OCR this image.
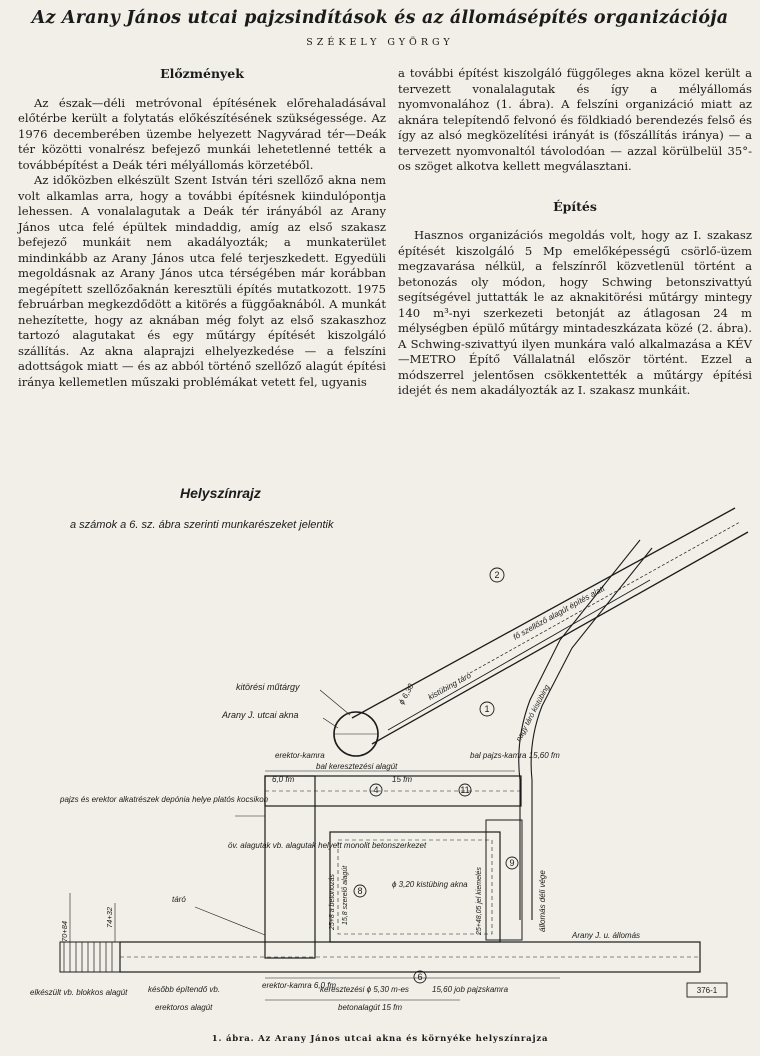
Az Arany János utcai pajzsindítások és az állomásépítés organizációja
SZÉKELY GYÖRGY
Előzmények

Az észak—déli metróvonal építésének előrehaladásával előtérbe került a folytatás előkészítésének szükségessége. Az 1976 decemberében üzembe helyezett Nagyvárad tér—Deák tér közötti vonalrész befejező munkái lehetetlenné tették a továbbépítést a Deák téri mélyállomás körzetéből.

Az időközben elkészült Szent István téri szellőző akna nem volt alkamlas arra, hogy a további építésnek kiindulópontja lehessen. A vonalalagutak a Deák tér irányából az Arany János utca felé épültek mindaddig, amíg az első szakasz befejező munkáit nem akadályozták; a munkaterület mindinkább az Arany János utca felé terjeszkedett. Egyedüli megoldásnak az Arany János utca térségében már korábban megépített szellőzőaknán keresztüli építés mutatkozott. 1975 februárban megkezdődött a kitörés a függőaknából. A munkát nehezítette, hogy az aknában még folyt az első szakaszhoz tartozó alagutakat és egy műtárgy építését kiszolgáló szállítás. Az akna alaprajzi elhelyezkedése — a felszíni adottságok miatt — és az abból történő szellőző alagút építési iránya kellemetlen műszaki problémákat vetett fel, ugyanis

a további építést kiszolgáló függőleges akna közel került a tervezett vonalalagutak és így a mélyállomás nyomvonalához (1. ábra). A felszíni organizáció miatt az aknára telepítendő felvonó és földkiadó berendezés felső és így az alsó megközelítési irányát is (főszállítás iránya) — a tervezett nyomvonaltól távolodóan — azzal körülbelül 35°-os szöget alkotva kellett megválasztani.

Építés

Hasznos organizációs megoldás volt, hogy az I. szakasz építését kiszolgáló 5 Mp emelőképességű csörlő-üzem megzavarása nélkül, a felszínről közvetlenül történt a betonozás oly módon, hogy Schwing betonszivattyú segítségével juttatták le az aknakitörési műtárgy mintegy 140 m³-nyi szerkezeti betonját az átlagosan 24 m mélységben épülő műtárgy mintadeszkázata közé (2. ábra). A Schwing-szivattyú ilyen munkára való alkalmazása a KÉV—METRO Építő Vállalatnál először történt. Ezzel a módszerrel jelentősen csökkentették a műtárgy építési idejét és nem akadályozták az I. szakasz munkáit.

2
1
4	11
6
8
9
Helyszínrajz
a számok a 6. sz. ábra szerinti munkarészeket jelentik
fő szellőző alagút építés alatt
kistübing táró
ϕ 6,30	nagy táró kistübing
kitörési műtárgy
Arany J. utcai akna
erektor-kamra
bal keresztezési alagút
bal pajzs-kamra 15,60 fm
6,0 fm	15 fm
pajzs és erektor alkatrészek depónia helye platós kocsikon
öv. alagutak vb. alagutak helyett monolit betonszerkezet
ϕ 3,20 kistübing akna
táró
70+84
74+32	állomás déli vége
Arany J. u. állomás
25+8 a betonozás	25+48,05 jel kiemelés
15,8 szerelő alagút
elkészült vb. blokkos alagút	később építendő vb.
erektoros alagút
erektor-kamra 6,0 fm
keresztezési ϕ 5,30 m-es
betonalagút 15 fm
15,60 job pajzskamra	376-1
1. ábra. Az Arany János utcai akna és környéke helyszínrajza
